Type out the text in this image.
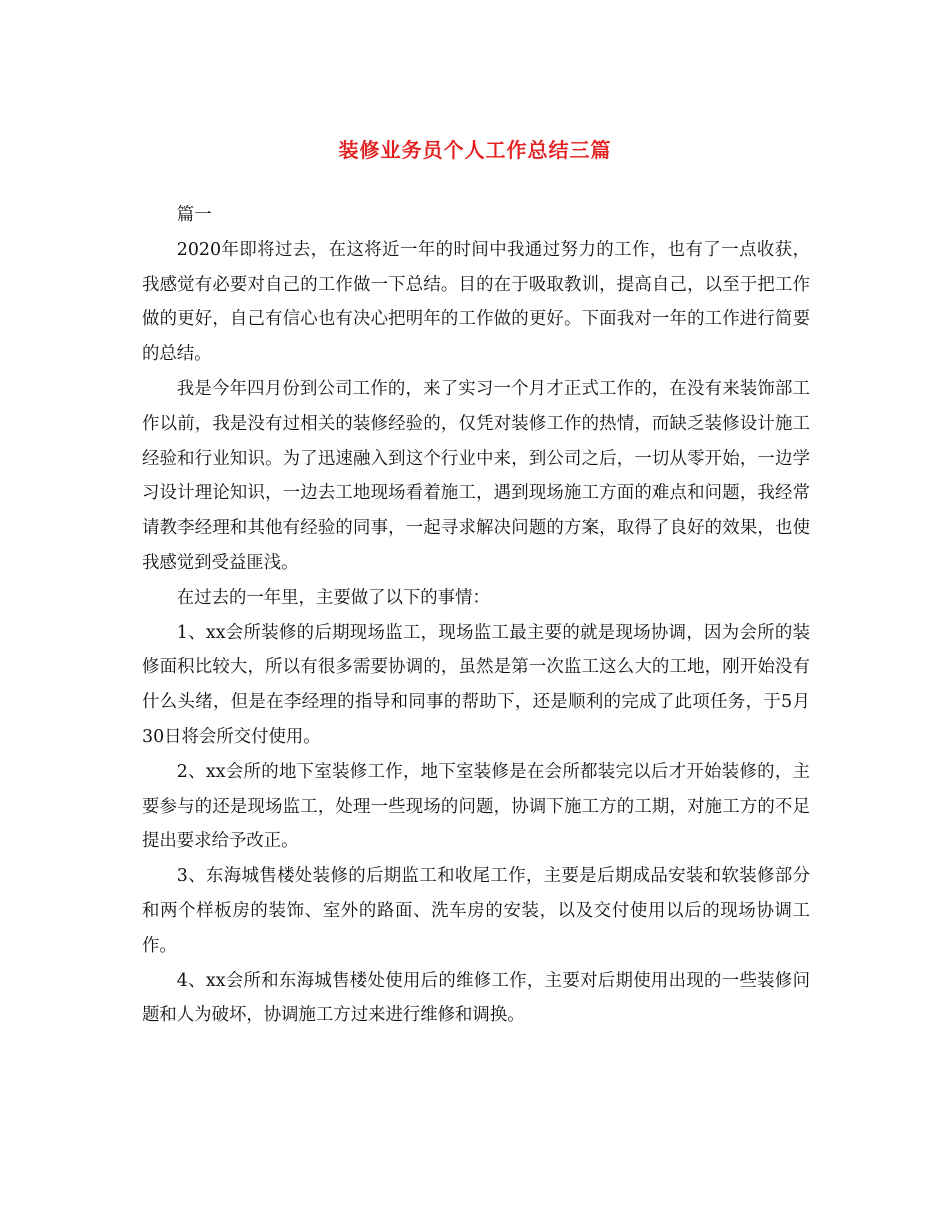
装修业务员个人工作总结三篇

篇一

2020年即将过去，在这将近一年的时间中我通过努力的工作，也有了一点收获，我感觉有必要对自己的工作做一下总结。目的在于吸取教训，提高自己，以至于把工作做的更好，自己有信心也有决心把明年的工作做的更好。下面我对一年的工作进行简要的总结。

我是今年四月份到公司工作的，来了实习一个月才正式工作的，在没有来装饰部工作以前，我是没有过相关的装修经验的，仅凭对装修工作的热情，而缺乏装修设计施工经验和行业知识。为了迅速融入到这个行业中来，到公司之后，一切从零开始，一边学习设计理论知识，一边去工地现场看着施工，遇到现场施工方面的难点和问题，我经常请教李经理和其他有经验的同事，一起寻求解决问题的方案，取得了良好的效果，也使我感觉到受益匪浅。

在过去的一年里，主要做了以下的事情：

1、xx会所装修的后期现场监工，现场监工最主要的就是现场协调，因为会所的装修面积比较大，所以有很多需要协调的，虽然是第一次监工这么大的工地，刚开始没有什么头绪，但是在李经理的指导和同事的帮助下，还是顺利的完成了此项任务，于5月30日将会所交付使用。

2、xx会所的地下室装修工作，地下室装修是在会所都装完以后才开始装修的，主要参与的还是现场监工，处理一些现场的问题，协调下施工方的工期，对施工方的不足提出要求给予改正。

3、东海城售楼处装修的后期监工和收尾工作，主要是后期成品安装和软装修部分和两个样板房的装饰、室外的路面、洗车房的安装，以及交付使用以后的现场协调工作。

4、xx会所和东海城售楼处使用后的维修工作，主要对后期使用出现的一些装修问题和人为破坏，协调施工方过来进行维修和调换。
